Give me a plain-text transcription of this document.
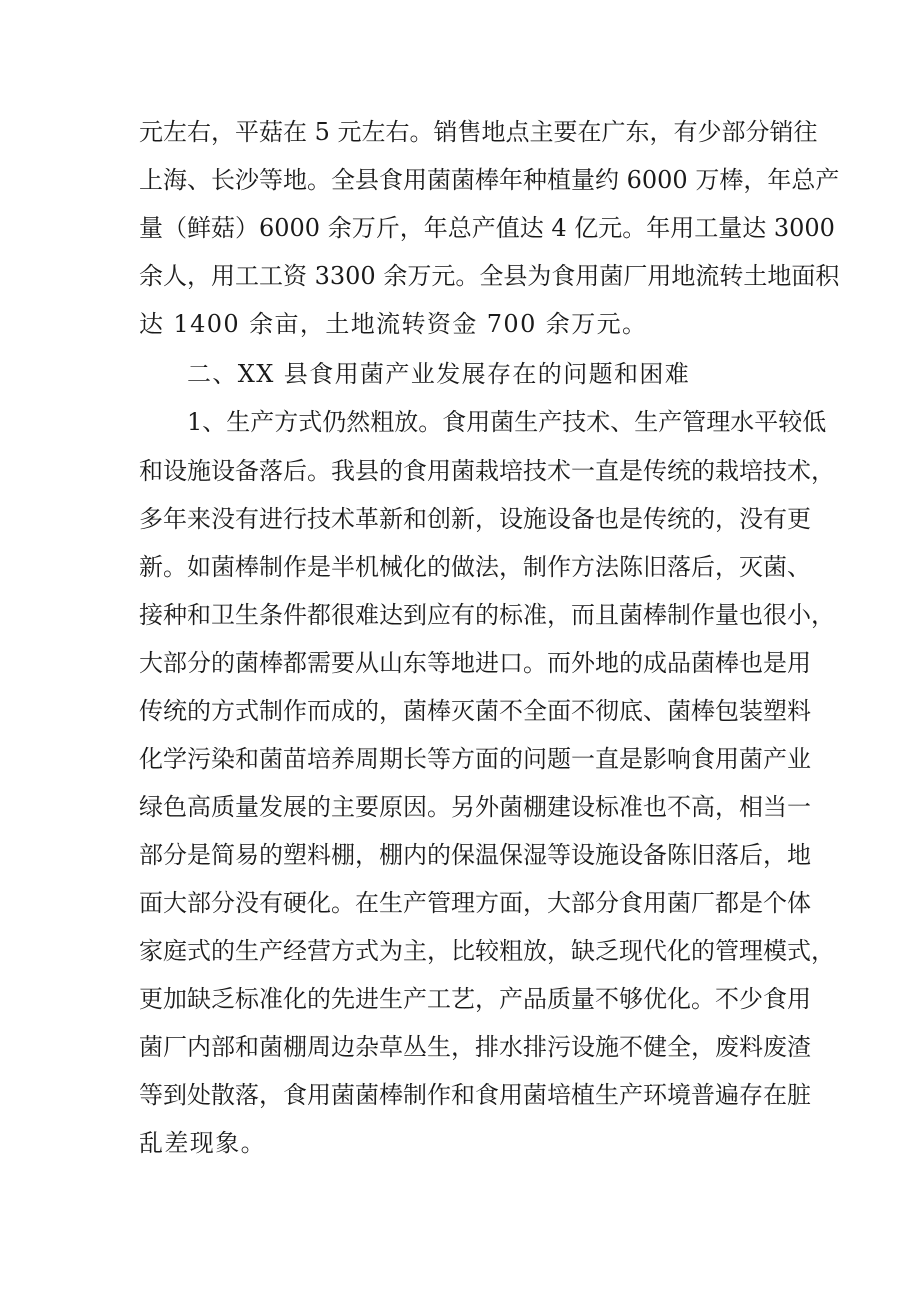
元左右，平菇在 5 元左右。销售地点主要在广东，有少部分销往
上海、长沙等地。全县食用菌菌棒年种植量约 6000 万棒，年总产
量（鲜菇）6000 余万斤，年总产值达 4 亿元。年用工量达 3000
余人，用工工资 3300 余万元。全县为食用菌厂用地流转土地面积
达 1400 余亩，土地流转资金 700 余万元。
二、XX 县食用菌产业发展存在的问题和困难
1、生产方式仍然粗放。食用菌生产技术、生产管理水平较低
和设施设备落后。我县的食用菌栽培技术一直是传统的栽培技术，
多年来没有进行技术革新和创新，设施设备也是传统的，没有更
新。如菌棒制作是半机械化的做法，制作方法陈旧落后，灭菌、
接种和卫生条件都很难达到应有的标准，而且菌棒制作量也很小，
大部分的菌棒都需要从山东等地进口。而外地的成品菌棒也是用
传统的方式制作而成的，菌棒灭菌不全面不彻底、菌棒包装塑料
化学污染和菌苗培养周期长等方面的问题一直是影响食用菌产业
绿色高质量发展的主要原因。另外菌棚建设标准也不高，相当一
部分是简易的塑料棚，棚内的保温保湿等设施设备陈旧落后，地
面大部分没有硬化。在生产管理方面，大部分食用菌厂都是个体
家庭式的生产经营方式为主，比较粗放，缺乏现代化的管理模式，
更加缺乏标准化的先进生产工艺，产品质量不够优化。不少食用
菌厂内部和菌棚周边杂草丛生，排水排污设施不健全，废料废渣
等到处散落，食用菌菌棒制作和食用菌培植生产环境普遍存在脏
乱差现象。
